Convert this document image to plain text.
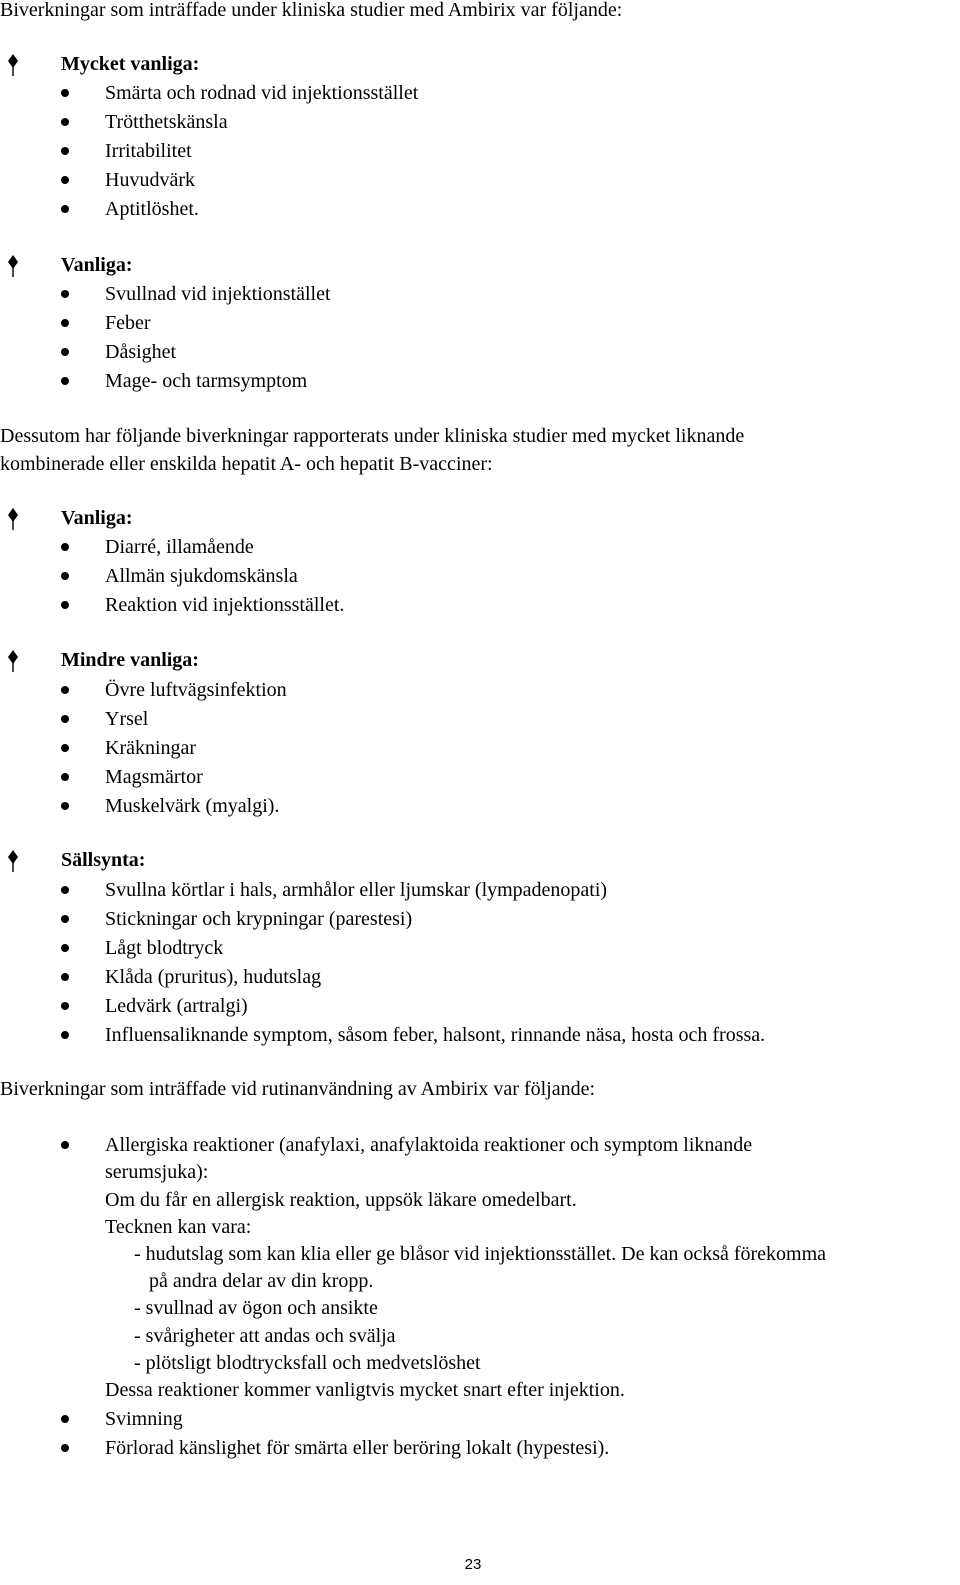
Biverkningar som inträffade under kliniska studier med Ambirix var följande:
Mycket vanliga:
Smärta och rodnad vid injektionsstället
Trötthetskänsla
Irritabilitet
Huvudvärk
Aptitlöshet.
Vanliga:
Svullnad vid injektionstället
Feber
Dåsighet
Mage- och tarmsymptom
Dessutom har följande biverkningar rapporterats under kliniska studier med mycket liknande
kombinerade eller enskilda hepatit A- och hepatit B-vacciner:
Vanliga:
Diarré, illamående
Allmän sjukdomskänsla
Reaktion vid injektionsstället.
Mindre vanliga:
Övre luftvägsinfektion
Yrsel
Kräkningar
Magsmärtor
Muskelvärk (myalgi).
Sällsynta:
Svullna körtlar i hals, armhålor eller ljumskar (lympadenopati)
Stickningar och krypningar (parestesi)
Lågt blodtryck
Klåda (pruritus), hudutslag
Ledvärk (artralgi)
Influensaliknande symptom, såsom feber, halsont, rinnande näsa, hosta och frossa.
Biverkningar som inträffade vid rutinanvändning av Ambirix var följande:
Allergiska reaktioner (anafylaxi, anafylaktoida reaktioner och symptom liknande
serumsjuka):
Om du får en allergisk reaktion, uppsök läkare omedelbart.
Tecknen kan vara:
- hudutslag som kan klia eller ge blåsor vid injektionsstället. De kan också förekomma
på andra delar av din kropp.
- svullnad av ögon och ansikte
- svårigheter att andas och svälja
- plötsligt blodtrycksfall och medvetslöshet
Dessa reaktioner kommer vanligtvis mycket snart efter injektion.
Svimning
Förlorad känslighet för smärta eller beröring lokalt (hypestesi).
23
